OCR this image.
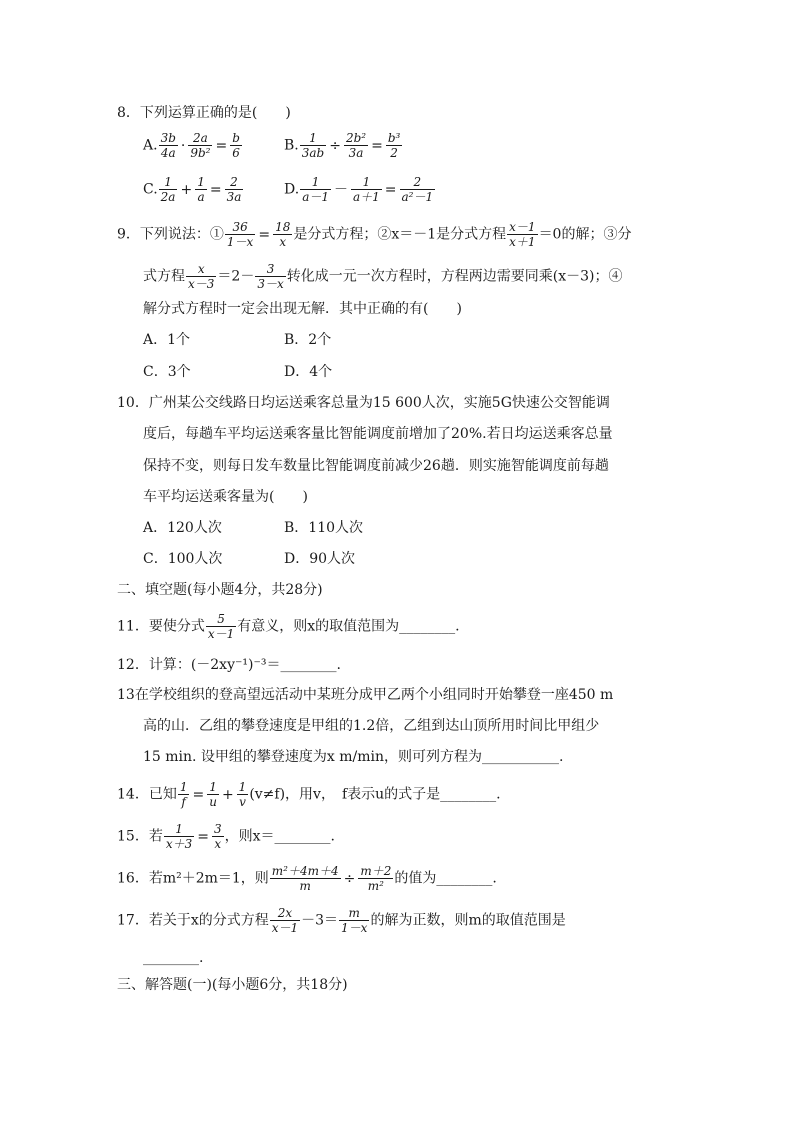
8．下列运算正确的是(　　)
A. $\frac{3b}{4a} \cdot \frac{2a}{\text{9b²}} = \frac{b}{6}$	B. $\frac{1}{3ab} \div \frac{\text{2b²}}{3a} = \frac{\text{b³}}{2}$
C. $\frac{1}{2a} + \frac{1}{a} = \frac{2}{3a}$	D. $\frac{1}{a-1} - \frac{1}{a+1} = \frac{2}{\text{a²－1}}$
9．下列说法：① $\frac{36}{1-x} = \frac{18}{x}$ 是分式方程；②x＝－1是分式方程 $\frac{x-1}{x+1} =0$的解；③分
式方程 $\frac{x}{x-3} =2- \frac{3}{3-x}$ 转化成一元一次方程时，方程两边需要同乘(x－3)；④
解分式方程时一定会出现无解．其中正确的有(　　)
A．1个	B．2个
C．3个	D．4个
10．广州某公交线路日均运送乘客总量为15 600人次，实施5G快速公交智能调
度后，每趟车平均运送乘客量比智能调度前增加了20%.若日均运送乘客总量
保持不变，则每日发车数量比智能调度前减少26趟．则实施智能调度前每趟
车平均运送乘客量为(　　)
A．120人次	B．110人次
C．100人次	D．90人次
二、填空题(每小题4分，共28分)
11．要使分式 $\frac{5}{x-1}$ 有意义，则x的取值范围为________.
12．计算：(－2xy⁻¹)⁻³＝________.
13在学校组织的登高望远活动中某班分成甲乙两个小组同时开始攀登一座450 m
高的山．乙组的攀登速度是甲组的1.2倍，乙组到达山顶所用时间比甲组少
15 min. 设甲组的攀登速度为x m/min，则可列方程为___________.
14．已知 $\frac{1}{f} = \frac{1}{u} + \frac{1}{v} (v\ne f)$，用v，　f表示u的式子是________.
15．若 $\frac{1}{x+3} = \frac{3}{x}$ ，则x＝________.
16．若m²＋2m＝1，则 $\frac{\text{m²＋4m＋4}}{m} \div \frac{m+2}{\text{m²}}$ 的值为________.
17．若关于x的分式方程 $\frac{2x}{x-1} -3= \frac{m}{1-x}$ 的解为正数，则m的取值范围是
________.
三、解答题(一)(每小题6分，共18分)
